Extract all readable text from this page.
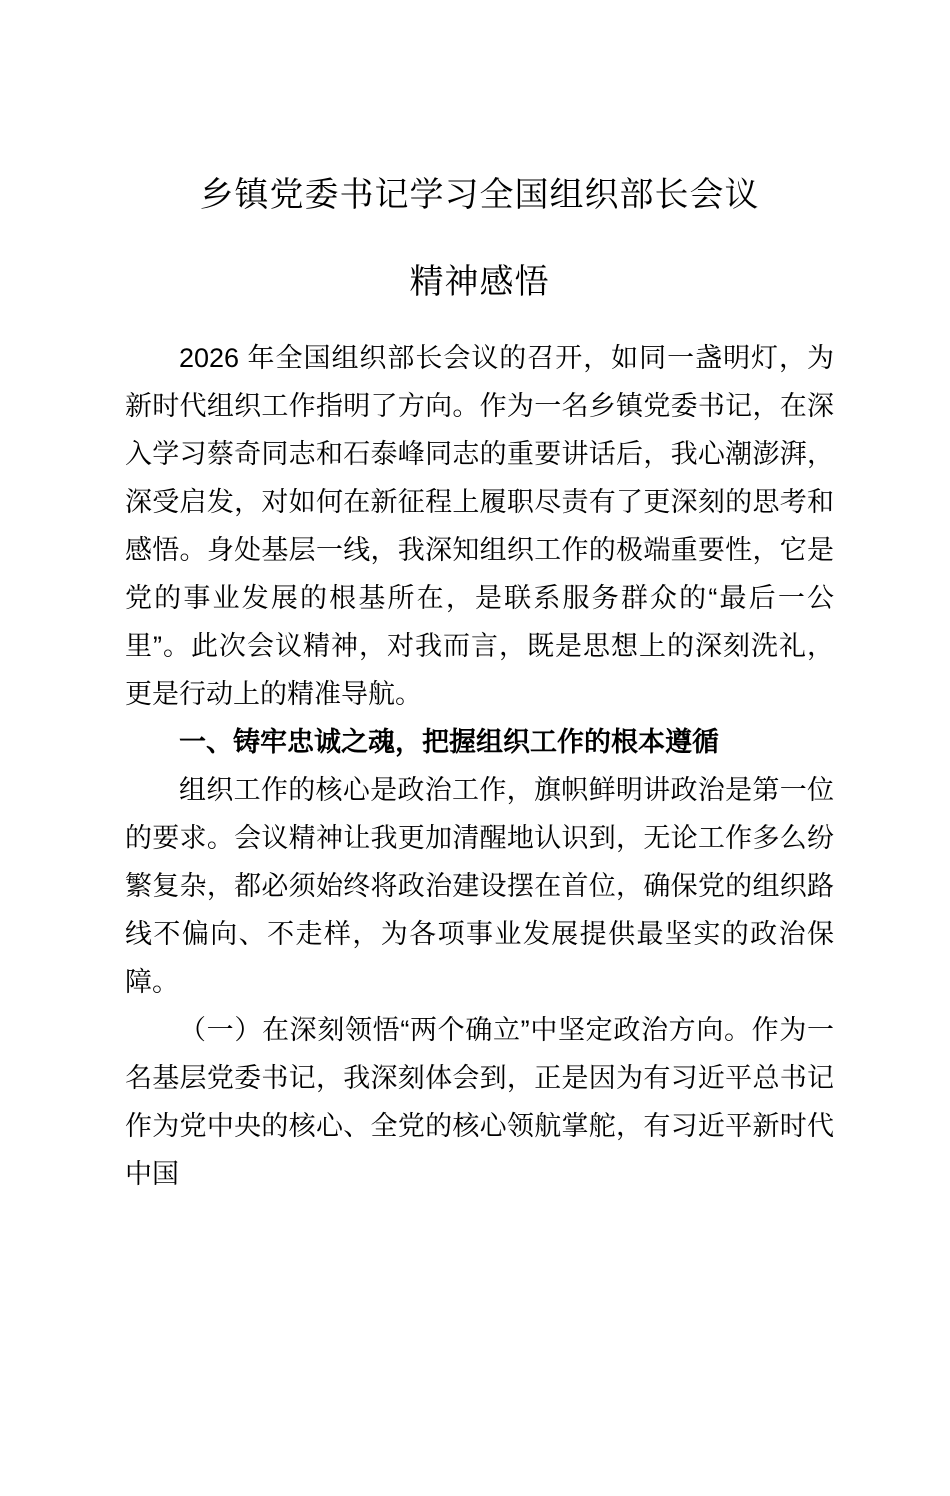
乡镇党委书记学习全国组织部长会议
精神感悟

2026 年全国组织部长会议的召开，如同一盏明灯，为新时代组织工作指明了方向。作为一名乡镇党委书记，在深入学习蔡奇同志和石泰峰同志的重要讲话后，我心潮澎湃，深受启发，对如何在新征程上履职尽责有了更深刻的思考和感悟。身处基层一线，我深知组织工作的极端重要性，它是党的事业发展的根基所在，是联系服务群众的“最后一公里”。此次会议精神，对我而言，既是思想上的深刻洗礼，更是行动上的精准导航。

一、铸牢忠诚之魂，把握组织工作的根本遵循

组织工作的核心是政治工作，旗帜鲜明讲政治是第一位的要求。会议精神让我更加清醒地认识到，无论工作多么纷繁复杂，都必须始终将政治建设摆在首位，确保党的组织路线不偏向、不走样，为各项事业发展提供最坚实的政治保障。

（一）在深刻领悟“两个确立”中坚定政治方向。作为一名基层党委书记，我深刻体会到，正是因为有习近平总书记作为党中央的核心、全党的核心领航掌舵，有习近平新时代中国
